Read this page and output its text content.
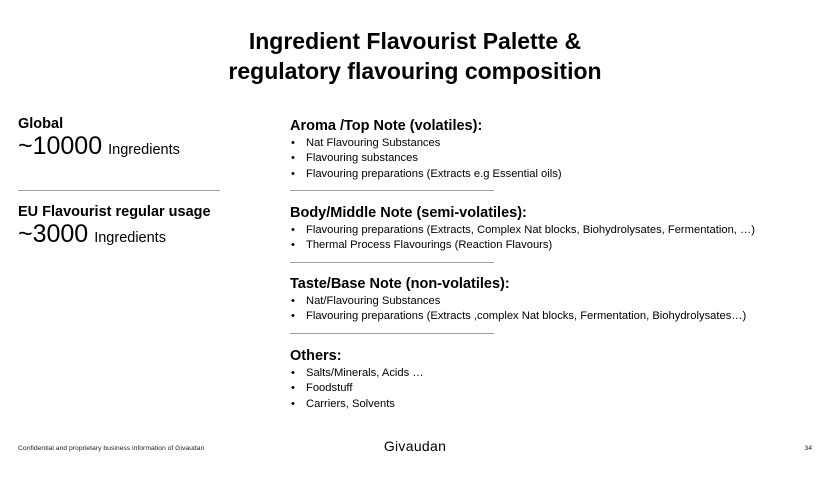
Ingredient Flavourist Palette &
regulatory flavouring composition
Global
~10000 Ingredients
EU Flavourist regular usage
~3000 Ingredients
Aroma /Top Note (volatiles):
• Nat Flavouring Substances
• Flavouring substances
• Flavouring preparations (Extracts e.g Essential oils)
Body/Middle Note (semi-volatiles):
• Flavouring preparations (Extracts, Complex Nat blocks, Biohydrolysates, Fermentation, …)
• Thermal Process Flavourings (Reaction Flavours)
Taste/Base Note (non-volatiles):
• Nat/Flavouring Substances
• Flavouring preparations (Extracts ,complex Nat blocks, Fermentation, Biohydrolysates…)
Others:
• Salts/Minerals, Acids …
• Foodstuff
• Carriers, Solvents
Confidential and proprietary business information of Givaudan	Givaudan	34
